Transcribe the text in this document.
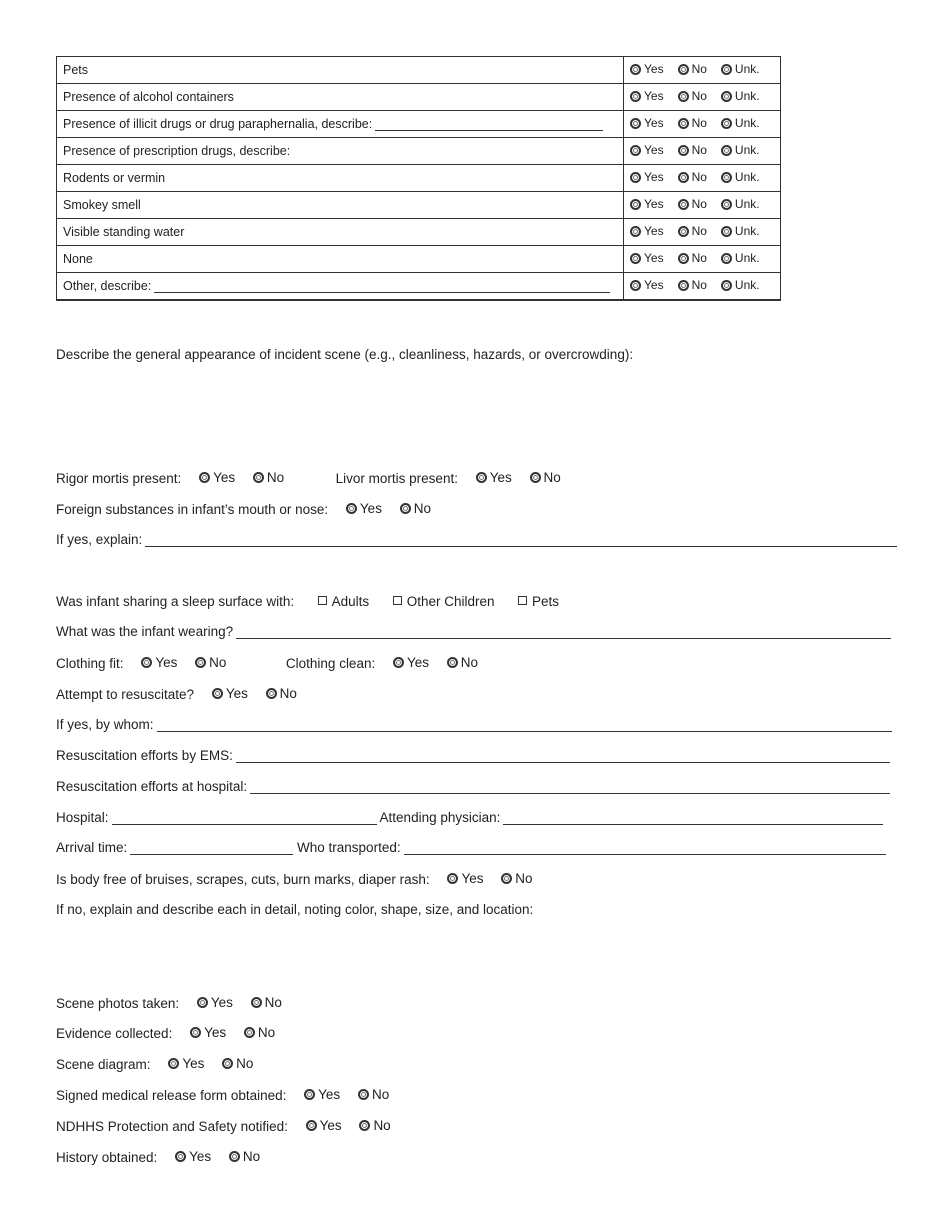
Pets	Yes No Unk.

Presence of alcohol containers	Yes No Unk.

Presence of illicit drugs or drug paraphernalia, describe:	Yes No Unk.

Presence of prescription drugs, describe:	Yes No Unk.

Rodents or vermin	Yes No Unk.

Smokey smell	Yes No Unk.

Visible standing water	Yes No Unk.

None	Yes No Unk.

Other, describe:	Yes No Unk.
Describe the general appearance of incident scene (e.g., cleanliness, hazards, or overcrowding):
Rigor mortis present: Yes
No	Livor mortis present: Yes
No
Foreign substances in infant’s mouth or nose: Yes
No
If yes, explain:
Was infant sharing a sleep surface with:	Adults	Other Children	Pets
What was the infant wearing?
Clothing fit: Yes
No	Clothing clean: Yes
No
Attempt to resuscitate? Yes
No
If yes, by whom:
Resuscitation efforts by EMS:
Resuscitation efforts at hospital:
Hospital:	Attending physician:
Arrival time:	Who transported:
Is body free of bruises, scrapes, cuts, burn marks, diaper rash: Yes
No
If no, explain and describe each in detail, noting color, shape, size, and location:
Scene photos taken: Yes
No
Evidence collected: Yes
No
Scene diagram: Yes
No
Signed medical release form obtained: Yes
No
NDHHS Protection and Safety notified: Yes
No
History obtained: Yes
No
